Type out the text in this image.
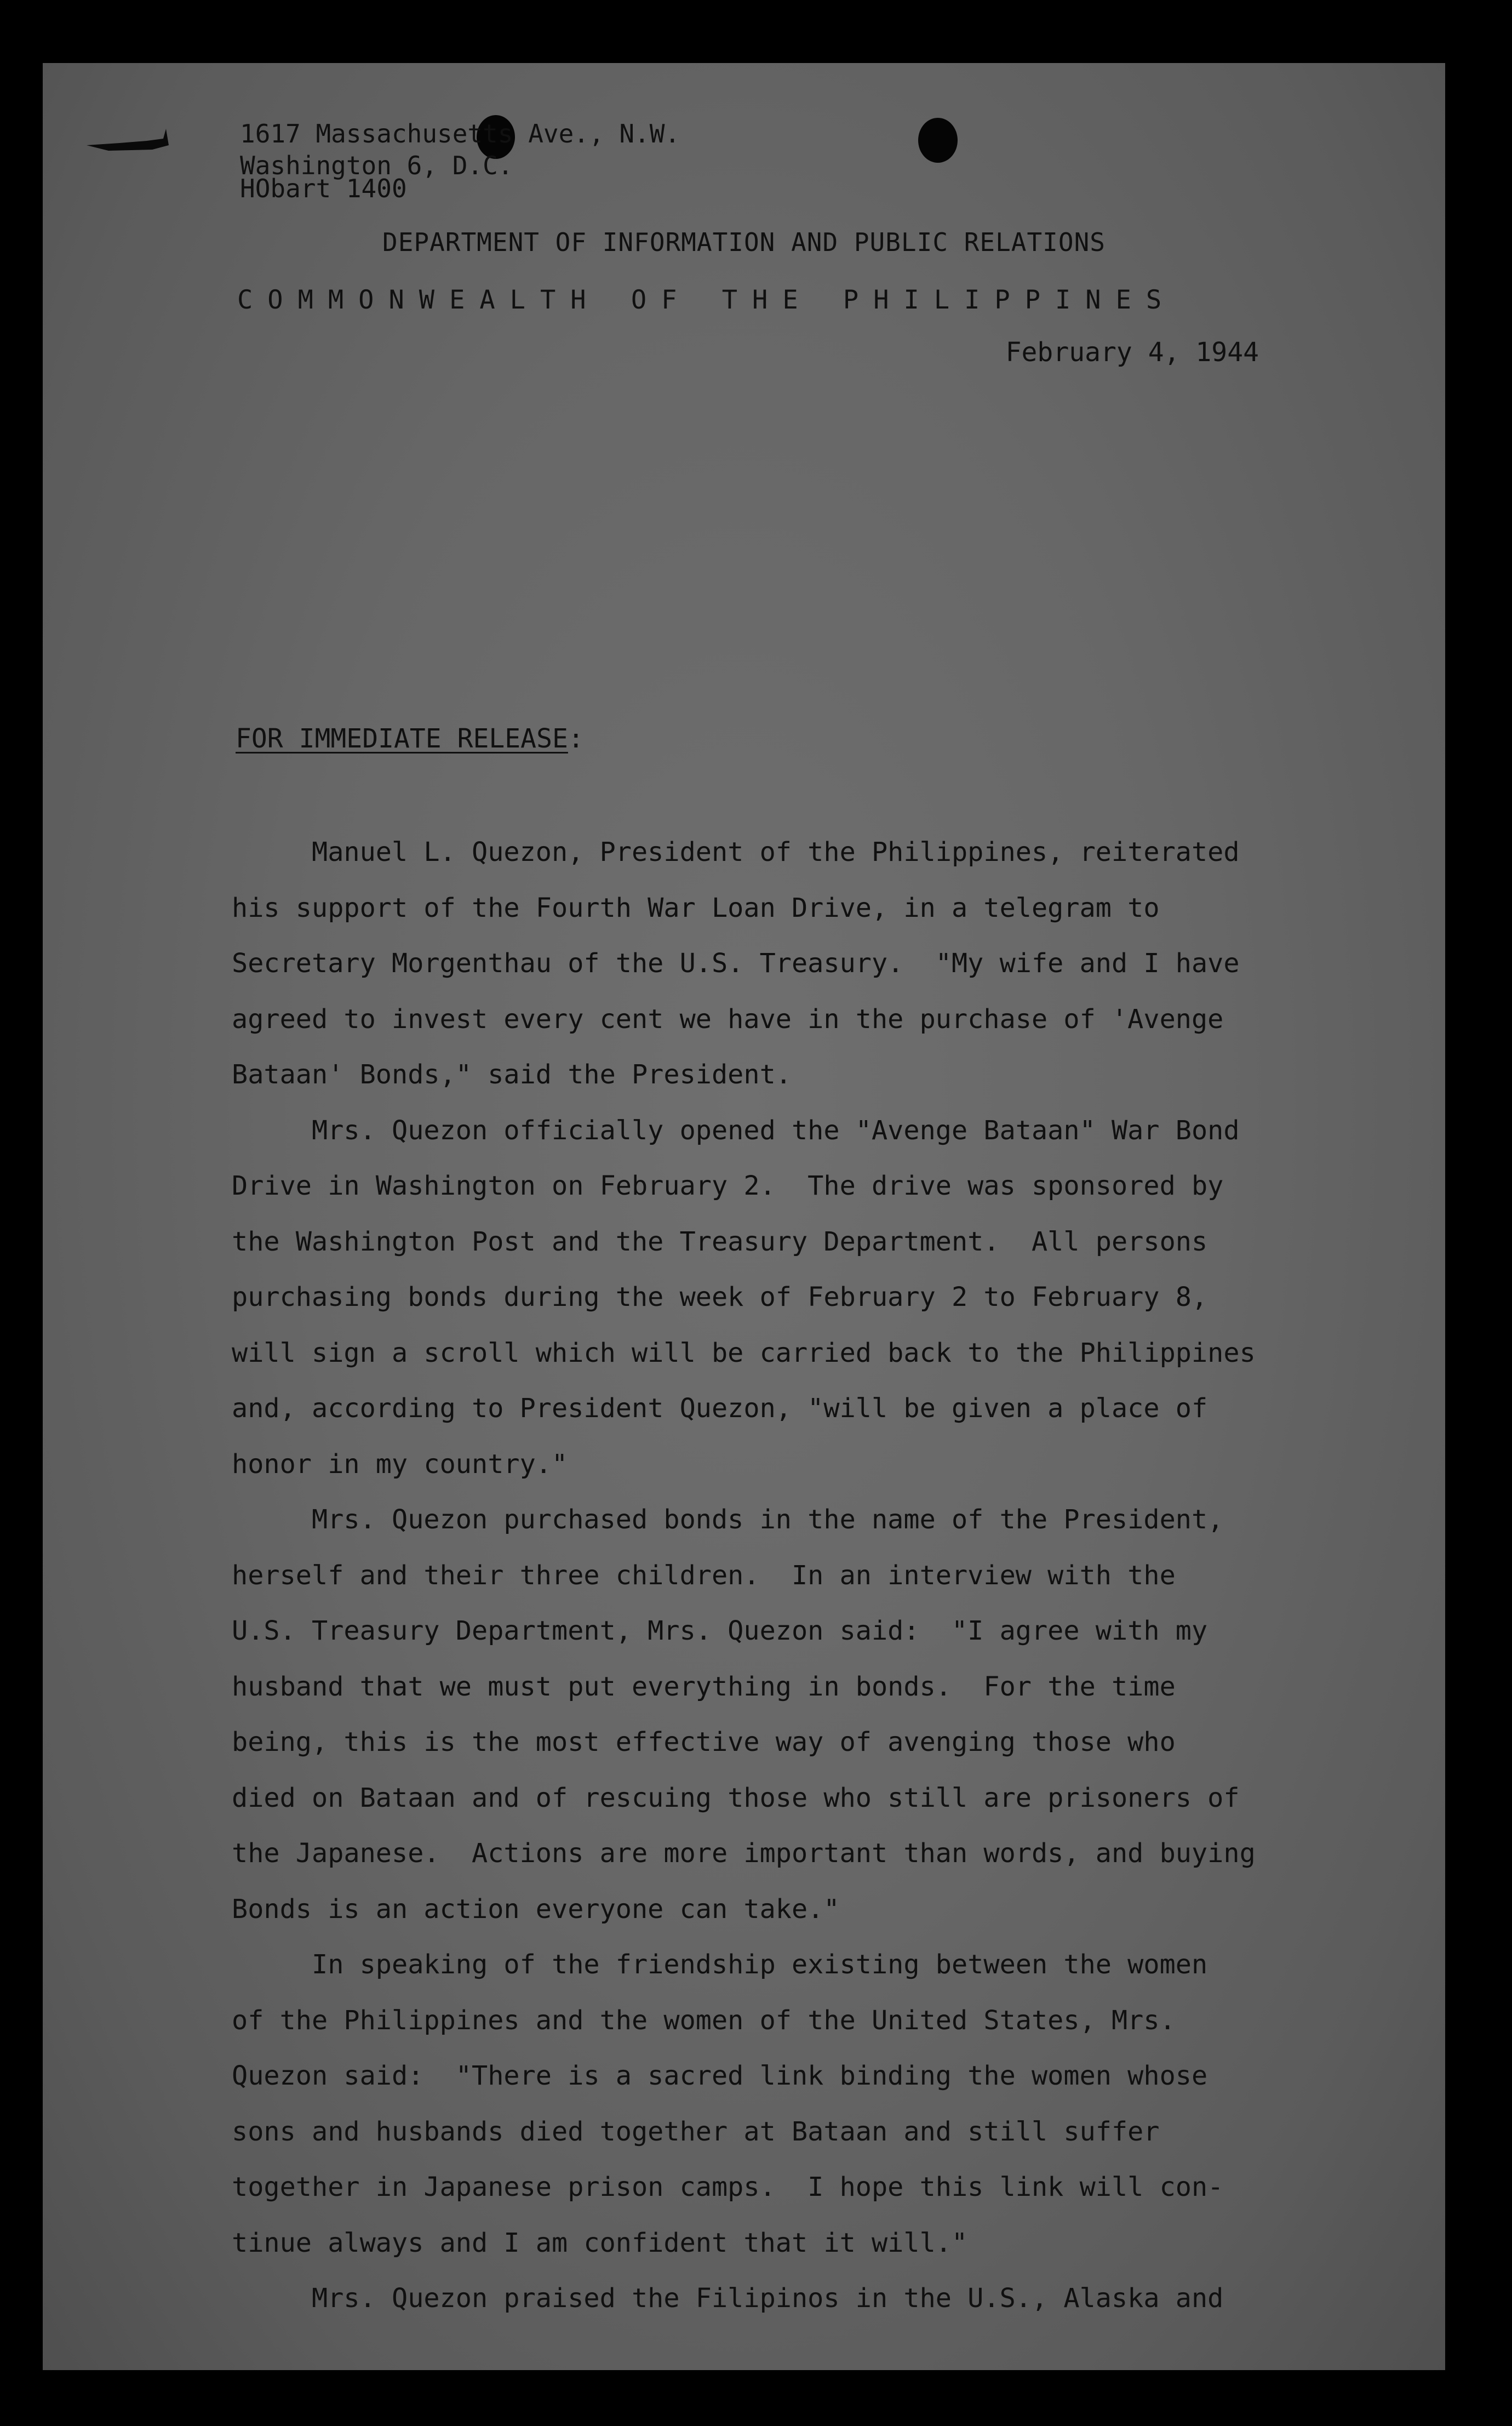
1617 Massachusetts Ave., N.W.
Washington 6, D.C.
HObart 1400
DEPARTMENT OF INFORMATION AND PUBLIC RELATIONS
COMMONWEALTH OF THE PHILIPPINES
February 4, 1944
FOR IMMEDIATE RELEASE:
Manuel L. Quezon, President of the Philippines, reiterated
his support of the Fourth War Loan Drive, in a telegram to
Secretary Morgenthau of the U.S. Treasury.  "My wife and I have
agreed to invest every cent we have in the purchase of 'Avenge
Bataan' Bonds," said the President.
Mrs. Quezon officially opened the "Avenge Bataan" War Bond
Drive in Washington on February 2.  The drive was sponsored by
the Washington Post and the Treasury Department.  All persons
purchasing bonds during the week of February 2 to February 8,
will sign a scroll which will be carried back to the Philippines
and, according to President Quezon, "will be given a place of
honor in my country."
Mrs. Quezon purchased bonds in the name of the President,
herself and their three children.  In an interview with the
U.S. Treasury Department, Mrs. Quezon said:  "I agree with my
husband that we must put everything in bonds.  For the time
being, this is the most effective way of avenging those who
died on Bataan and of rescuing those who still are prisoners of
the Japanese.  Actions are more important than words, and buying
Bonds is an action everyone can take."
In speaking of the friendship existing between the women
of the Philippines and the women of the United States, Mrs.
Quezon said:  "There is a sacred link binding the women whose
sons and husbands died together at Bataan and still suffer
together in Japanese prison camps.  I hope this link will con-
tinue always and I am confident that it will."
Mrs. Quezon praised the Filipinos in the U.S., Alaska and
